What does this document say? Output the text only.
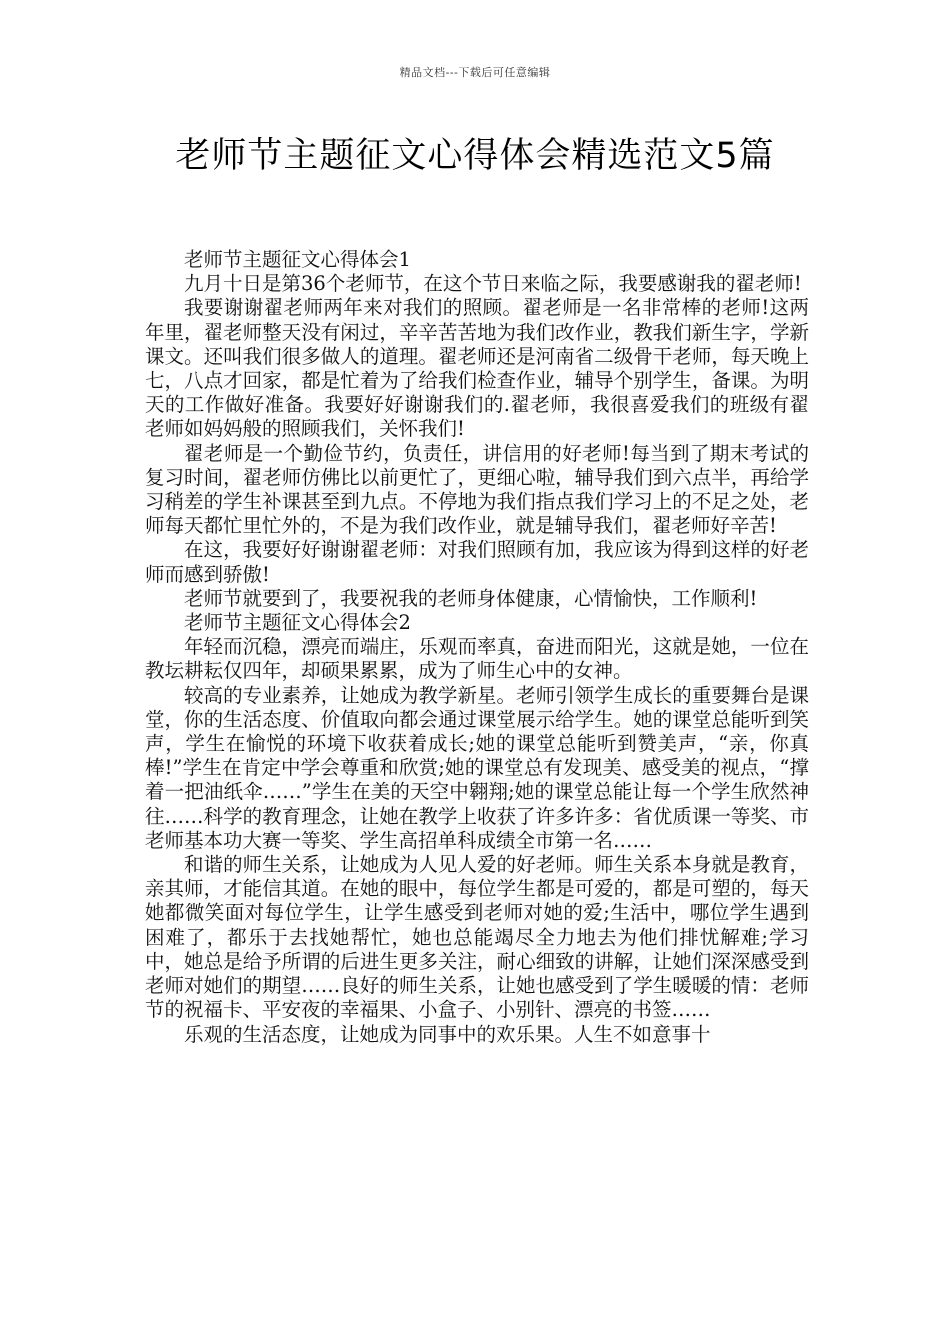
精品文档---下载后可任意编辑
老师节主题征文心得体会精选范文5篇

老师节主题征文心得体会1

九月十日是第36个老师节，在这个节日来临之际，我要感谢我的翟老师!

我要谢谢翟老师两年来对我们的照顾。翟老师是一名非常棒的老师!这两年里，翟老师整天没有闲过，辛辛苦苦地为我们改作业，教我们新生字，学新课文。还叫我们很多做人的道理。翟老师还是河南省二级骨干老师，每天晚上七，八点才回家，都是忙着为了给我们检查作业，辅导个别学生，备课。为明天的工作做好准备。我要好好谢谢我们的.翟老师，我很喜爱我们的班级有翟老师如妈妈般的照顾我们，关怀我们!

翟老师是一个勤俭节约，负责任，讲信用的好老师!每当到了期末考试的复习时间，翟老师仿佛比以前更忙了，更细心啦，辅导我们到六点半，再给学习稍差的学生补课甚至到九点。不停地为我们指点我们学习上的不足之处，老师每天都忙里忙外的，不是为我们改作业，就是辅导我们，翟老师好辛苦!

在这，我要好好谢谢翟老师：对我们照顾有加，我应该为得到这样的好老师而感到骄傲!

老师节就要到了，我要祝我的老师身体健康，心情愉快，工作顺利!

老师节主题征文心得体会2

年轻而沉稳，漂亮而端庄，乐观而率真，奋进而阳光，这就是她，一位在教坛耕耘仅四年，却硕果累累，成为了师生心中的女神。

较高的专业素养，让她成为教学新星。老师引领学生成长的重要舞台是课堂，你的生活态度、价值取向都会通过课堂展示给学生。她的课堂总能听到笑声，学生在愉悦的环境下收获着成长;她的课堂总能听到赞美声，“亲，你真棒!”学生在肯定中学会尊重和欣赏;她的课堂总有发现美、感受美的视点，“撑着一把油纸伞……”学生在美的天空中翱翔;她的课堂总能让每一个学生欣然神往……科学的教育理念，让她在教学上收获了许多许多：省优质课一等奖、市老师基本功大赛一等奖、学生高招单科成绩全市第一名……

和谐的师生关系，让她成为人见人爱的好老师。师生关系本身就是教育，亲其师，才能信其道。在她的眼中，每位学生都是可爱的，都是可塑的，每天她都微笑面对每位学生，让学生感受到老师对她的爱;生活中，哪位学生遇到困难了，都乐于去找她帮忙，她也总能竭尽全力地去为他们排忧解难;学习中，她总是给予所谓的后进生更多关注，耐心细致的讲解，让她们深深感受到老师对她们的期望……良好的师生关系，让她也感受到了学生暖暖的情：老师节的祝福卡、平安夜的幸福果、小盒子、小别针、漂亮的书签……

乐观的生活态度，让她成为同事中的欢乐果。人生不如意事十
